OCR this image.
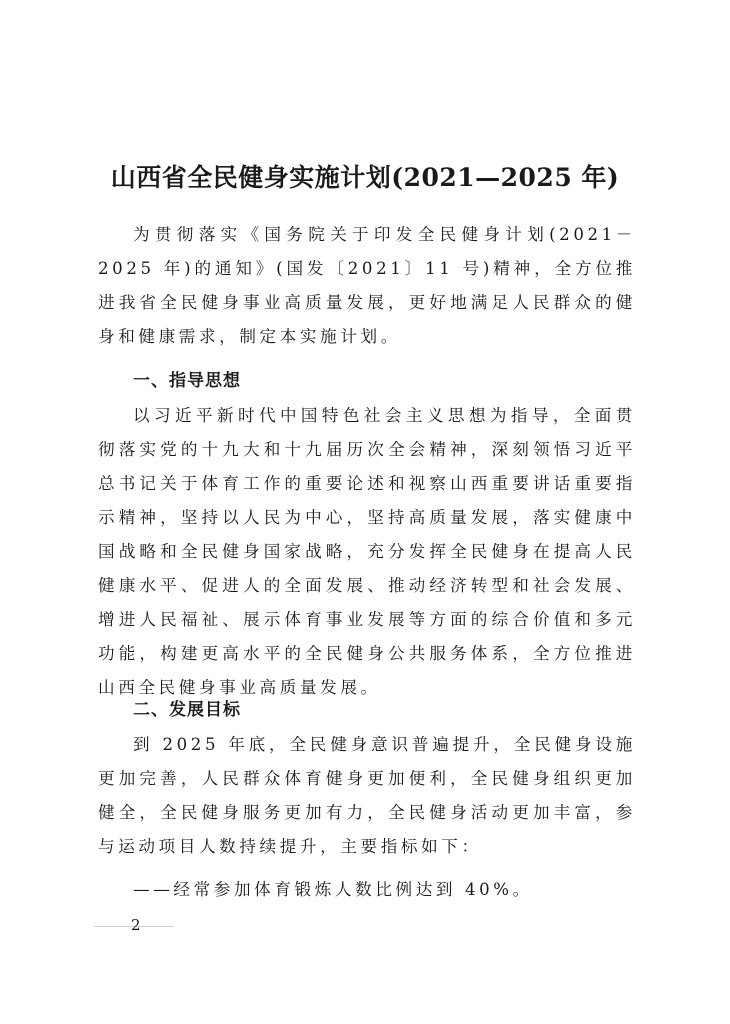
山西省全民健身实施计划(2021—2025 年)

为贯彻落实《国务院关于印发全民健身计划(2021－2025 年)的通知》(国发〔2021〕11 号)精神，全方位推进我省全民健身事业高质量发展，更好地满足人民群众的健身和健康需求，制定本实施计划。

一、指导思想

以习近平新时代中国特色社会主义思想为指导，全面贯彻落实党的十九大和十九届历次全会精神，深刻领悟习近平总书记关于体育工作的重要论述和视察山西重要讲话重要指示精神，坚持以人民为中心，坚持高质量发展，落实健康中国战略和全民健身国家战略，充分发挥全民健身在提高人民健康水平、促进人的全面发展、推动经济转型和社会发展、增进人民福祉、展示体育事业发展等方面的综合价值和多元功能，构建更高水平的全民健身公共服务体系，全方位推进山西全民健身事业高质量发展。

二、发展目标

到 2025 年底，全民健身意识普遍提升，全民健身设施更加完善，人民群众体育健身更加便利，全民健身组织更加健全，全民健身服务更加有力，全民健身活动更加丰富，参与运动项目人数持续提升，主要指标如下：

——经常参加体育锻炼人数比例达到 40%。

2
